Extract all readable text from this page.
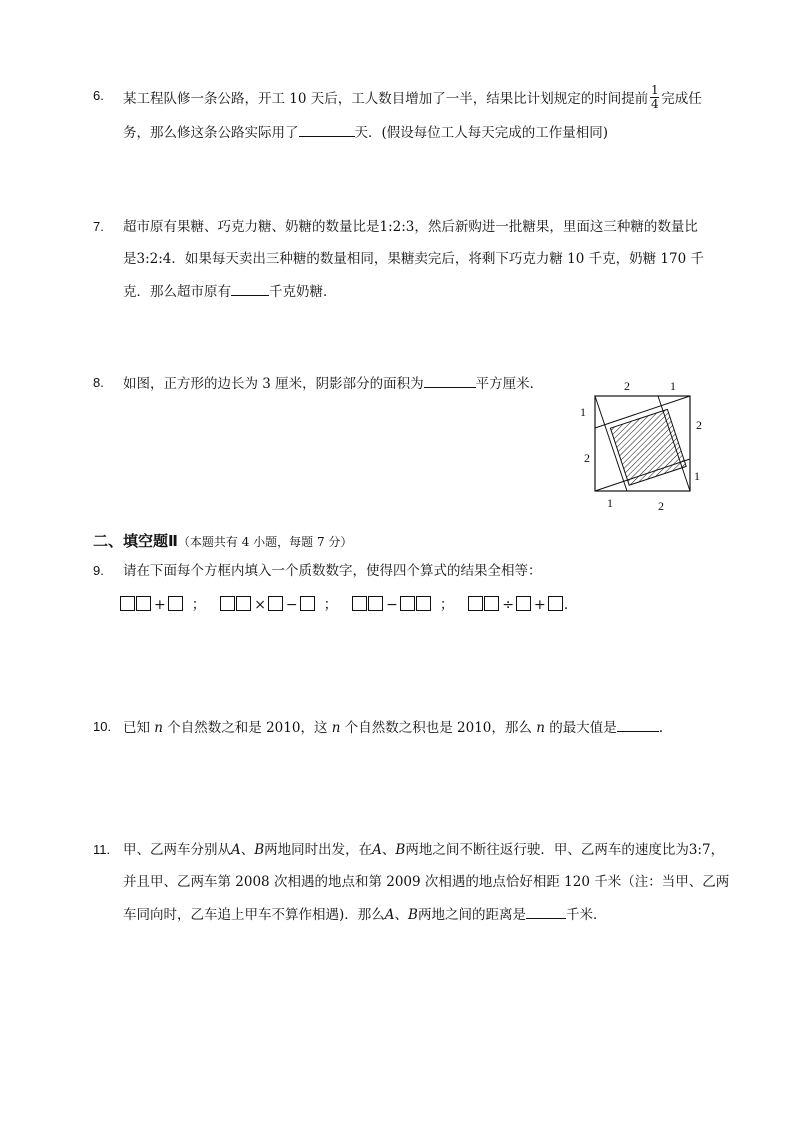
6. 某工程队修一条公路，开工 10 天后，工人数目增加了一半，结果比计划规定的时间提前 $\frac{1}{4}$ 完成任
务，那么修这条公路实际用了	天．(假设每位工人每天完成的工作量相同)
7. 超市原有果糖、巧克力糖、奶糖的数量比是1:2:3，然后新购进一批糖果，里面这三种糖的数量比
是3:2:4．如果每天卖出三种糖的数量相同，果糖卖完后，将剩下巧克力糖 10 千克，奶糖 170 千
克．那么超市原有	千克奶糖．
8. 如图，正方形的边长为 3 厘米，阴影部分的面积为	平方厘米．	2	1
1
2
2
1
1	2
二、填空题Ⅱ（本题共有 4 小题，每题 7 分）
9. 请在下面每个方框内填入一个质数数字，使得四个算式的结果全相等：
+ ；	× − ；	−	；	÷ + .
10. 已知 n 个自然数之和是 2010，这 n 个自然数之积也是 2010，那么 n 的最大值是	.
11. 甲、乙两车分别从A、B两地同时出发，在A、B两地之间不断往返行驶．甲、乙两车的速度比为3:7，
并且甲、乙两车第 2008 次相遇的地点和第 2009 次相遇的地点恰好相距 120 千米（注：当甲、乙两
车同向时，乙车追上甲车不算作相遇)．那么A、B两地之间的距离是	千米．
